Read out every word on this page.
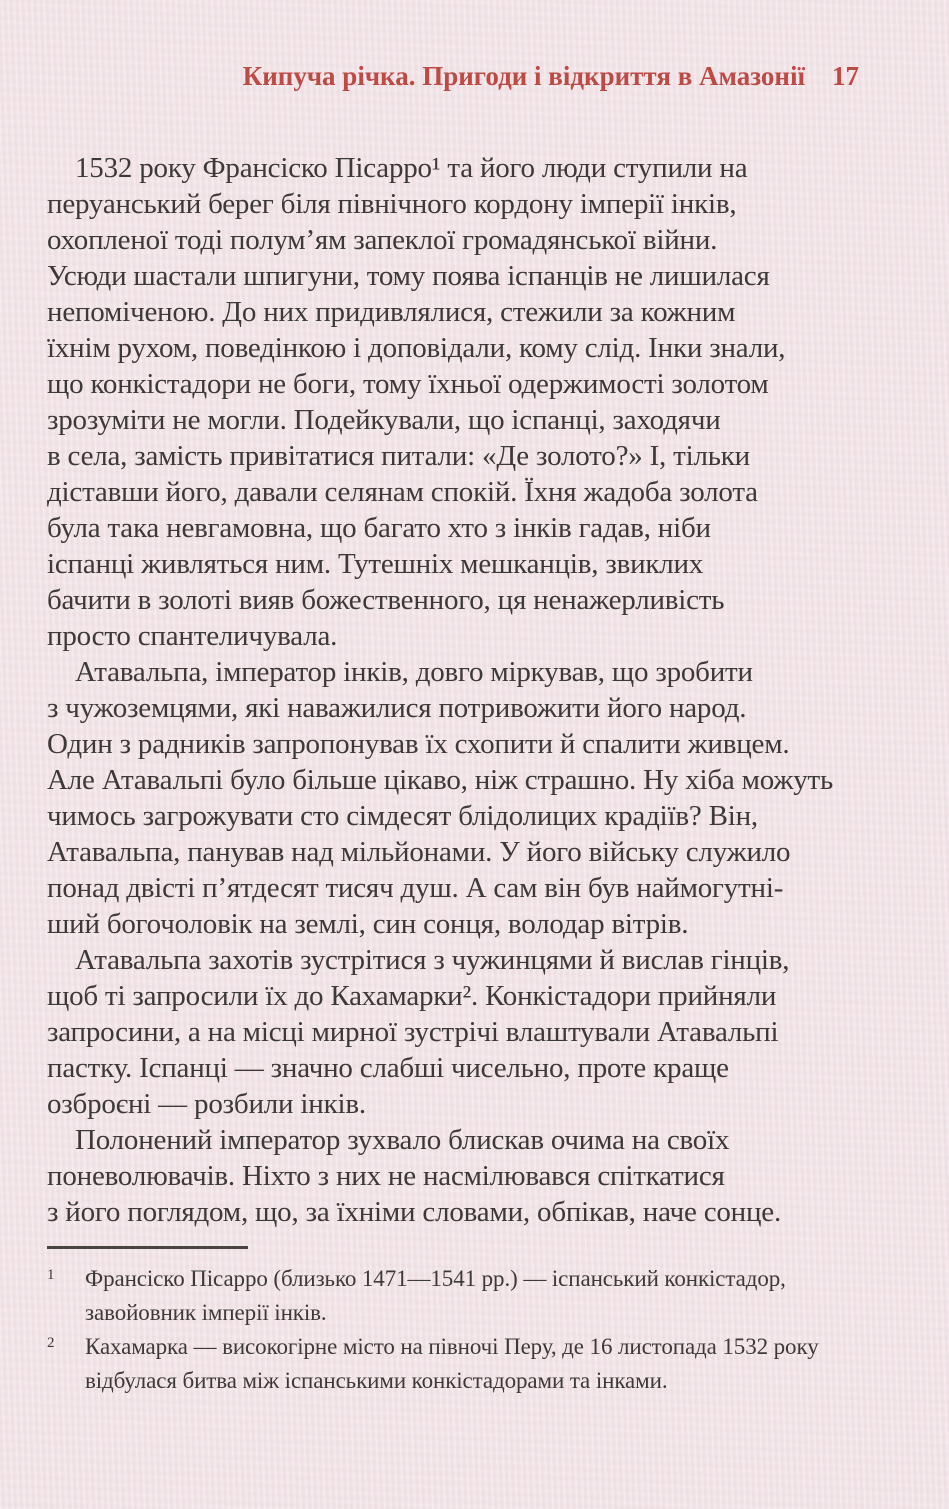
Кипуча річка. Пригоди і відкриття в Амазонії 17

1532 року Франсіско Пісарро¹ та його люди ступили на
перуанський берег біля північного кордону імперії інків,
охопленої тоді полум’ям запеклої громадянської війни.
Усюди шастали шпигуни, тому поява іспанців не лишилася
непоміченою. До них придивлялися, стежили за кожним
їхнім рухом, поведінкою і доповідали, кому слід. Інки знали,
що конкістадори не боги, тому їхньої одержимості золотом
зрозуміти не могли. Подейкували, що іспанці, заходячи
в села, замість привітатися питали: «Де золото?» І, тільки
діставши його, давали селянам спокій. Їхня жадоба золота
була така невгамовна, що багато хто з інків гадав, ніби
іспанці живляться ним. Тутешніх мешканців, звиклих
бачити в золоті вияв божественного, ця ненажерливість
просто спантеличувала.

Атавальпа, імператор інків, довго міркував, що зробити
з чужоземцями, які наважилися потривожити його народ.
Один з радників запропонував їх схопити й спалити живцем.
Але Атавальпі було більше цікаво, ніж страшно. Ну хіба можуть
чимось загрожувати сто сімдесят блідолицих крадіїв? Він,
Атавальпа, панував над мільйонами. У його війську служило
понад двісті п’ятдесят тисяч душ. А сам він був наймогутні-
ший богочоловік на землі, син сонця, володар вітрів.

Атавальпа захотів зустрітися з чужинцями й вислав гінців,
щоб ті запросили їх до Кахамарки². Конкістадори прийняли
запросини, а на місці мирної зустрічі влаштували Атавальпі
пастку. Іспанці — значно слабші чисельно, проте краще
озброєні — розбили інків.

Полонений імператор зухвало блискав очима на своїх
поневолювачів. Ніхто з них не насмілювався спіткатися
з його поглядом, що, за їхніми словами, обпікав, наче сонце.

1	Франсіско Пісарро (близько 1471—1541 рр.) — іспанський конкістадор,
завойовник імперії інків.
2	Кахамарка — високогірне місто на півночі Перу, де 16 листопада 1532 року
відбулася битва між іспанськими конкістадорами та інками.
